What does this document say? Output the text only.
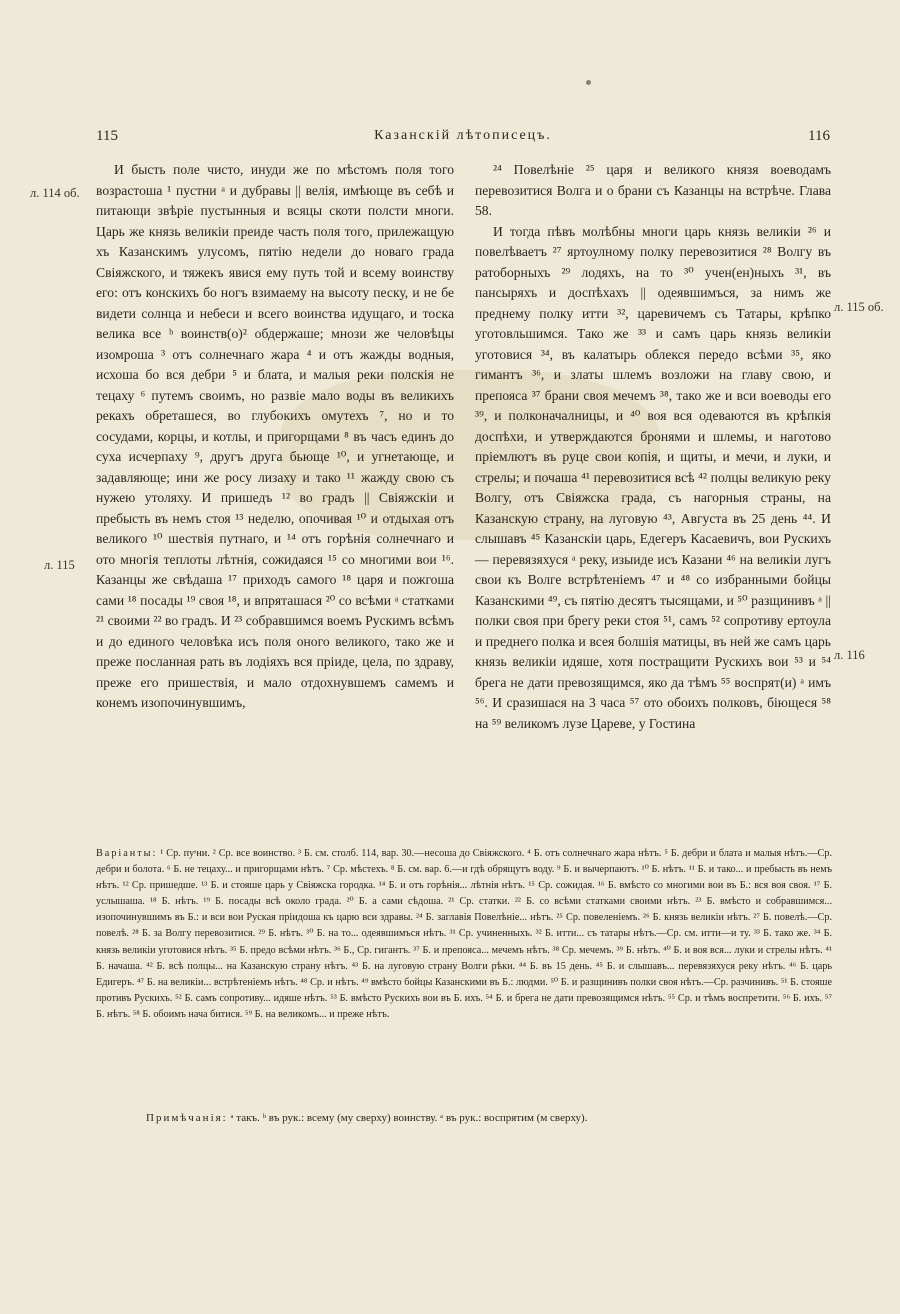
115	Казанскій лѣтописецъ.	116
л. 114 об.
л. 115
л. 115 об.
л. 116

И бысть поле чисто, инуди же по мѣстомъ поля того возрастоша ¹ пустни ᵃ и дубравы || велія, имѣюще въ себѣ и питающи звѣріе пустынныя и всяцы скоти полсти многи. Царь же князь великіи преиде часть поля того, прилежащую хъ Казанскимъ улусомъ, пятію недели до новаго града Свіяжского, и тяжекъ явися ему путь той и всему воинству его: отъ конскихъ бо ногъ взимаему на высоту песку, и не бе видети солнца и небеси и всего воинства идущаго, и тоска велика все ᵇ воинств(о)² обдержаше; мнози же человѣцы изомроша ³ отъ солнечнаго жара ⁴ и отъ жажды водныя, исхоша бо вся дебри ⁵ и блата, и малыя реки полскія не тецаху ⁶ путемъ своимъ, но развіе мало воды въ великихъ рекахъ обреташеся, во глубокихъ омутехъ ⁷, но и то сосудами, корцы, и котлы, и пригорщами ⁸ въ часъ единъ до суха исчерпаху ⁹, другъ друга бьюще ¹⁰, и угнетающе, и задавляюще; ини же росу лизаху и тако ¹¹ жажду свою съ нужею утоляху. И пришедъ ¹² во градъ || Свіяжскіи и пребысть въ немъ стоя ¹³ неделю, опочивая ¹⁰ и отдыхая отъ великого ¹⁰ шествія путнаго, и ¹⁴ отъ горѣнія солнечнаго и ото многія теплоты лѣтнія, сожидаяся ¹⁵ со многими вои ¹⁶. Казанцы же свѣдаша ¹⁷ приходъ самого ¹⁸ царя и пожгоша сами ¹⁸ посады ¹⁹ своя ¹⁸, и впряташася ²⁰ со всѣми ᵃ статками ²¹ своими ²² во градъ. И ²³ собравшимся воемъ Рускимъ всѣмъ и до единого человѣка исъ поля оного великого, тако же и преже посланная рать въ лодіяхъ вся пріиде, цела, по здраву, преже его пришествія, и мало отдохнувшемъ самемъ и конемъ изопочинувшимъ,

²⁴ Повелѣніе ²⁵ царя и великого князя воеводамъ перевозитися Волга и о брани съ Казанцы на встрѣче. Глава 58.

И тогда пѣвъ молѣбны многи царь князь великіи ²⁶ и повелѣваетъ ²⁷ яртоулному полку перевозитися ²⁸ Волгу въ ратоборныхъ ²⁹ лодяхъ, на то ³⁰ учен(ен)ныхъ ³¹, въ пансыряхъ и доспѣхахъ || одеявшимъся, за нимъ же преднему полку итти ³², царевичемъ съ Татары, крѣпко уготовльшимся. Тако же ³³ и самъ царь князь великіи уготовися ³⁴, въ калатырь облекся передо всѣми ³⁵, яко гимантъ ³⁶, и златы шлемъ возложи на главу свою, и препояса ³⁷ брани своя мечемъ ³⁸, тако же и вси воеводы его ³⁹, и полконачалницы, и ⁴⁰ воя вся одеваются въ крѣпкія доспѣхи, и утверждаются бронями и шлемы, и наготово пріемлютъ въ руце свои копія, и щиты, и мечи, и луки, и стрелы; и почаша ⁴¹ перевозитися всѣ ⁴² полцы великую реку Волгу, отъ Свіяжска града, съ нагорныя страны, на Казанскую страну, на луговую ⁴³, Августа въ 25 день ⁴⁴. И слышавъ ⁴⁵ Казанскіи царь, Едегеръ Касаевичъ, вои Рускихъ — перевязяхуся ᵃ реку, изыиде исъ Казани ⁴⁶ на великіи лугъ свои къ Волге встрѣтеніемъ ⁴⁷ и ⁴⁸ со избранными бойцы Казанскими ⁴⁹, съ пятію десятъ тысящами, и ⁵⁰ разщинивъ ᵃ || полки своя при брегу реки стоя ⁵¹, самъ ⁵² сопротиву ертоула и преднего полка и всея болшія матицы, въ ней же самъ царь князь великіи идяше, хотя постращити Рускихъ вои ⁵³ и ⁵⁴ брега не дати превозящимся, яко да тѣмъ ⁵⁵ воспрят(и) ᵃ имъ ⁵⁶. И срaзишася на 3 часа ⁵⁷ ото обоихъ полковъ, біющеся ⁵⁸ на ⁵⁹ великомъ лузе Цареве, у Гостина

Варіанты: ¹ Ср. пуˢни. ² Ср. все воинство. ³ Б. см. столб. 114, вар. 30.—несоша до Свіяжского. ⁴ Б. отъ солнечнаго жара нѣтъ. ⁵ Б. дебри и блата и малыя нѣтъ.—Ср. дебри и болота. ⁶ Б. не тецаху... и пригорщами нѣтъ. ⁷ Ср. мѣстехъ. ⁸ Б. см. вар. 6.—и гдѣ обрящутъ воду. ⁹ Б. и вычерпаютъ. ¹⁰ Б. нѣтъ. ¹¹ Б. и тако... и пребысть въ немъ нѣтъ. ¹² Ср. пришедше. ¹³ Б. и стояше царь у Свіяжска городка. ¹⁴ Б. и отъ горѣнія... лѣтнія нѣтъ. ¹⁵ Ср. сожидая. ¹⁶ Б. вмѣсто со многими вои въ Б.: вся воя своя. ¹⁷ Б. услышаша. ¹⁸ Б. нѣтъ. ¹⁹ Б. посады всѣ около града. ²⁰ Б. а сами сѣдоша. ²¹ Ср. статки. ²² Б. со всѣми статками своими нѣтъ. ²³ Б. вмѣсто и собравшимся... изопочинувшимъ въ Б.: и вси вои Руская пріидоша къ царю вси здравы. ²⁴ Б. заглавія Повелѣніе... нѣтъ. ²⁵ Ср. повеленіемъ. ²⁶ Б. князь великіи нѣтъ. ²⁷ Б. повелѣ.—Ср. повелѣ. ²⁸ Б. за Волгу перевозитися. ²⁹ Б. нѣтъ. ³⁰ Б. на то... одеявшимъся нѣтъ. ³¹ Ср. учиненныхъ. ³² Б. итти... съ татары нѣтъ.—Ср. см. итти—и ту. ³³ Б. тако же. ³⁴ Б. князь великіи уготовися нѣтъ. ³⁵ Б. предо всѣми нѣтъ. ³⁶ Б., Ср. гигантъ. ³⁷ Б. и препояса... мечемъ нѣтъ. ³⁸ Ср. мечемъ. ³⁹ Б. нѣтъ. ⁴⁰ Б. и воя вся... луки и стрелы нѣтъ. ⁴¹ Б. начаша. ⁴² Б. всѣ полцы... на Казанскую страну нѣтъ. ⁴³ Б. на луговую страну Волги рѣки. ⁴⁴ Б. въ 15 день. ⁴⁵ Б. и слышавъ... перевязяхуся реку нѣтъ. ⁴⁶ Б. царь Едигеръ. ⁴⁷ Б. на великіи... встрѣтеніемъ нѣтъ. ⁴⁸ Ср. и нѣтъ. ⁴⁹ вмѣсто бойцы Казанскими въ Б.: людми. ⁵⁰ Б. и разщинивъ полки своя нѣтъ.—Ср. разчинивъ. ⁵¹ Б. стояше противъ Рускихъ. ⁵² Б. самъ сопротиву... идяше нѣтъ. ⁵³ Б. вмѣсто Рускихъ вои въ Б. ихъ. ⁵⁴ Б. и брега не дати превозящимся нѣтъ. ⁵⁵ Ср. и тѣмъ воспретити. ⁵⁶ Б. ихъ. ⁵⁷ Б. нѣтъ. ⁵⁸ Б. обоимъ нача битися. ⁵⁹ Б. на великомъ... и преже нѣтъ.
Примѣчанія: ᵃ такъ. ᵇ въ рук.: всему (му сверху) воинству. ᵃ въ рук.: воспрятим (м сверху).
